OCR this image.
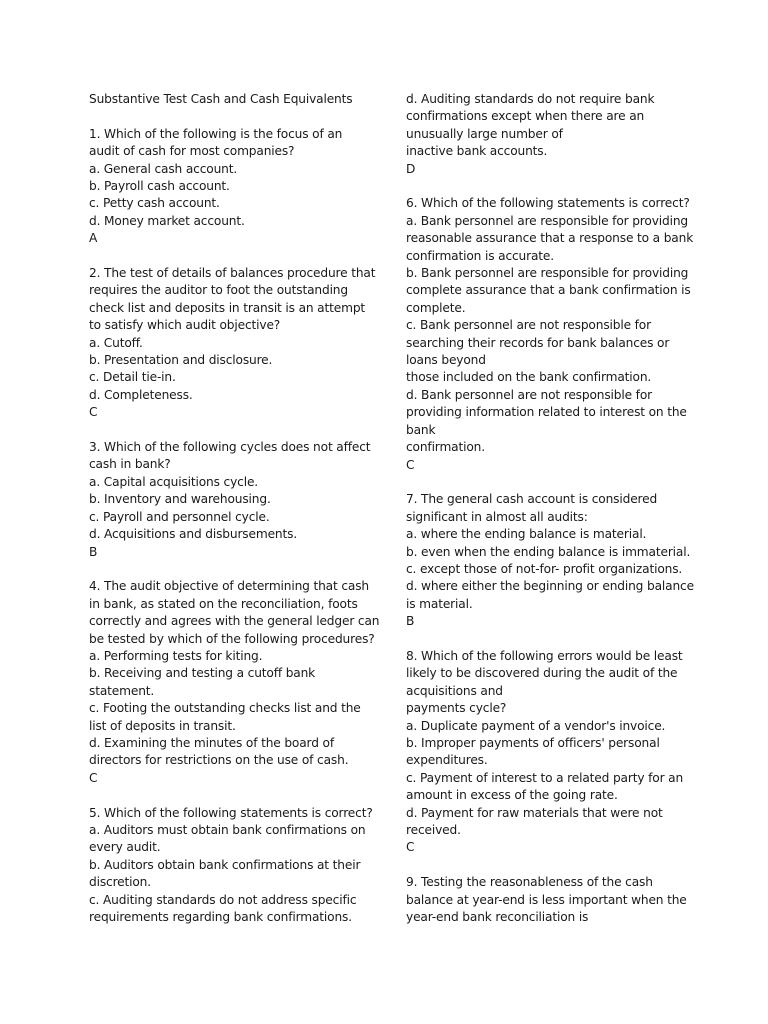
Substantive Test Cash and Cash Equivalents
1. Which of the following is the focus of an
audit of cash for most companies?
a. General cash account.
b. Payroll cash account.
c. Petty cash account.
d. Money market account.
A
2. The test of details of balances procedure that
requires the auditor to foot the outstanding
check list and deposits in transit is an attempt
to satisfy which audit objective?
a. Cutoff.
b. Presentation and disclosure.
c. Detail tie-in.
d. Completeness.
C
3. Which of the following cycles does not affect
cash in bank?
a. Capital acquisitions cycle.
b. Inventory and warehousing.
c. Payroll and personnel cycle.
d. Acquisitions and disbursements.
B
4. The audit objective of determining that cash
in bank, as stated on the reconciliation, foots
correctly and agrees with the general ledger can
be tested by which of the following procedures?
a. Performing tests for kiting.
b. Receiving and testing a cutoff bank
statement.
c. Footing the outstanding checks list and the
list of deposits in transit.
d. Examining the minutes of the board of
directors for restrictions on the use of cash.
C
5. Which of the following statements is correct?
a. Auditors must obtain bank confirmations on
every audit.
b. Auditors obtain bank confirmations at their
discretion.
c. Auditing standards do not address specific
requirements regarding bank confirmations.
d. Auditing standards do not require bank
confirmations except when there are an
unusually large number of
inactive bank accounts.
D
6. Which of the following statements is correct?
a. Bank personnel are responsible for providing
reasonable assurance that a response to a bank
confirmation is accurate.
b. Bank personnel are responsible for providing
complete assurance that a bank confirmation is
complete.
c. Bank personnel are not responsible for
searching their records for bank balances or
loans beyond
those included on the bank confirmation.
d. Bank personnel are not responsible for
providing information related to interest on the
bank
confirmation.
C
7. The general cash account is considered
significant in almost all audits:
a. where the ending balance is material.
b. even when the ending balance is immaterial.
c. except those of not-for- profit organizations.
d. where either the beginning or ending balance
is material.
B
8. Which of the following errors would be least
likely to be discovered during the audit of the
acquisitions and
payments cycle?
a. Duplicate payment of a vendor's invoice.
b. Improper payments of officers' personal
expenditures.
c. Payment of interest to a related party for an
amount in excess of the going rate.
d. Payment for raw materials that were not
received.
C
9. Testing the reasonableness of the cash
balance at year-end is less important when the
year-end bank reconciliation is
